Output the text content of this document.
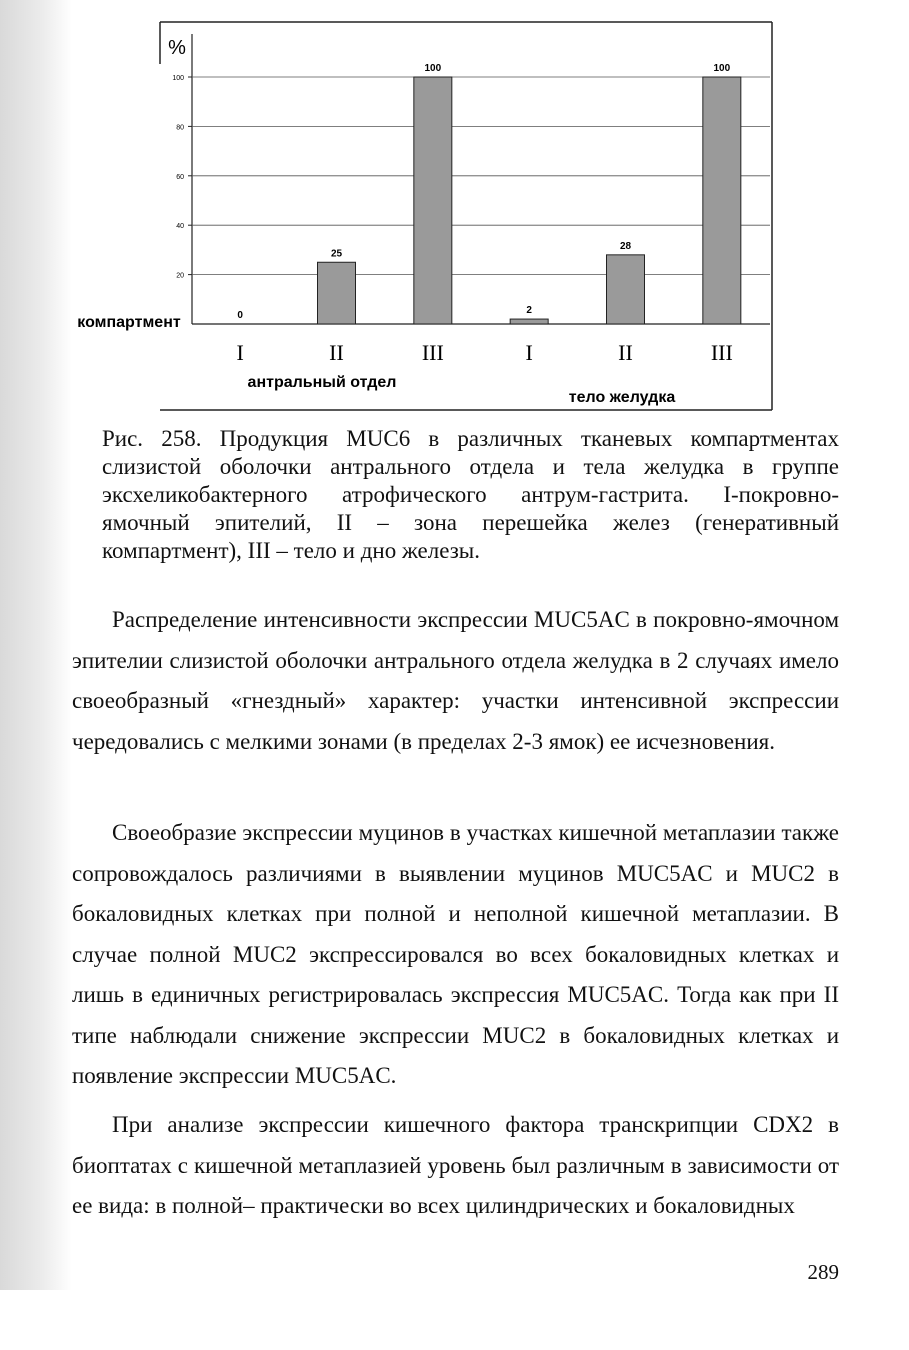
%
20
40
60
80
100
0
25
100
2
28
100
компартмент
I	II	III	I	II	III
антральный отдел
тело желудка
Рис. 258. Продукция MUC6 в различных тканевых компартментах слизистой оболочки антрального отдела и тела желудка в группе эксхеликобактерного атрофического антрум-гастрита. I-покровно-ямочный эпителий, II – зона перешейка желез (генеративный компартмент), III – тело и дно железы.
Распределение интенсивности экспрессии MUC5AC в покровно-ямочном эпителии слизистой оболочки антрального отдела желудка в 2 случаях имело своеобразный «гнездный» характер: участки интенсивной экспрессии чередовались с мелкими зонами (в пределах 2-3 ямок) ее исчезновения.
Своеобразие экспрессии муцинов в участках кишечной метаплазии также сопровождалось различиями в выявлении муцинов MUC5AC и MUC2 в бокаловидных клетках при полной и неполной кишечной метаплазии. В случае полной MUC2 экспрессировался во всех бокаловидных клетках и лишь в единичных регистрировалась экспрессия MUC5AC. Тогда как при II типе наблюдали снижение экспрессии MUC2 в бокаловидных клетках и появление экспрессии MUC5AC.
При анализе экспрессии кишечного фактора транскрипции CDX2 в биоптатах с кишечной метаплазией уровень был различным в зависимости от ее вида: в полной– практически во всех цилиндрических и бокаловидных
289
